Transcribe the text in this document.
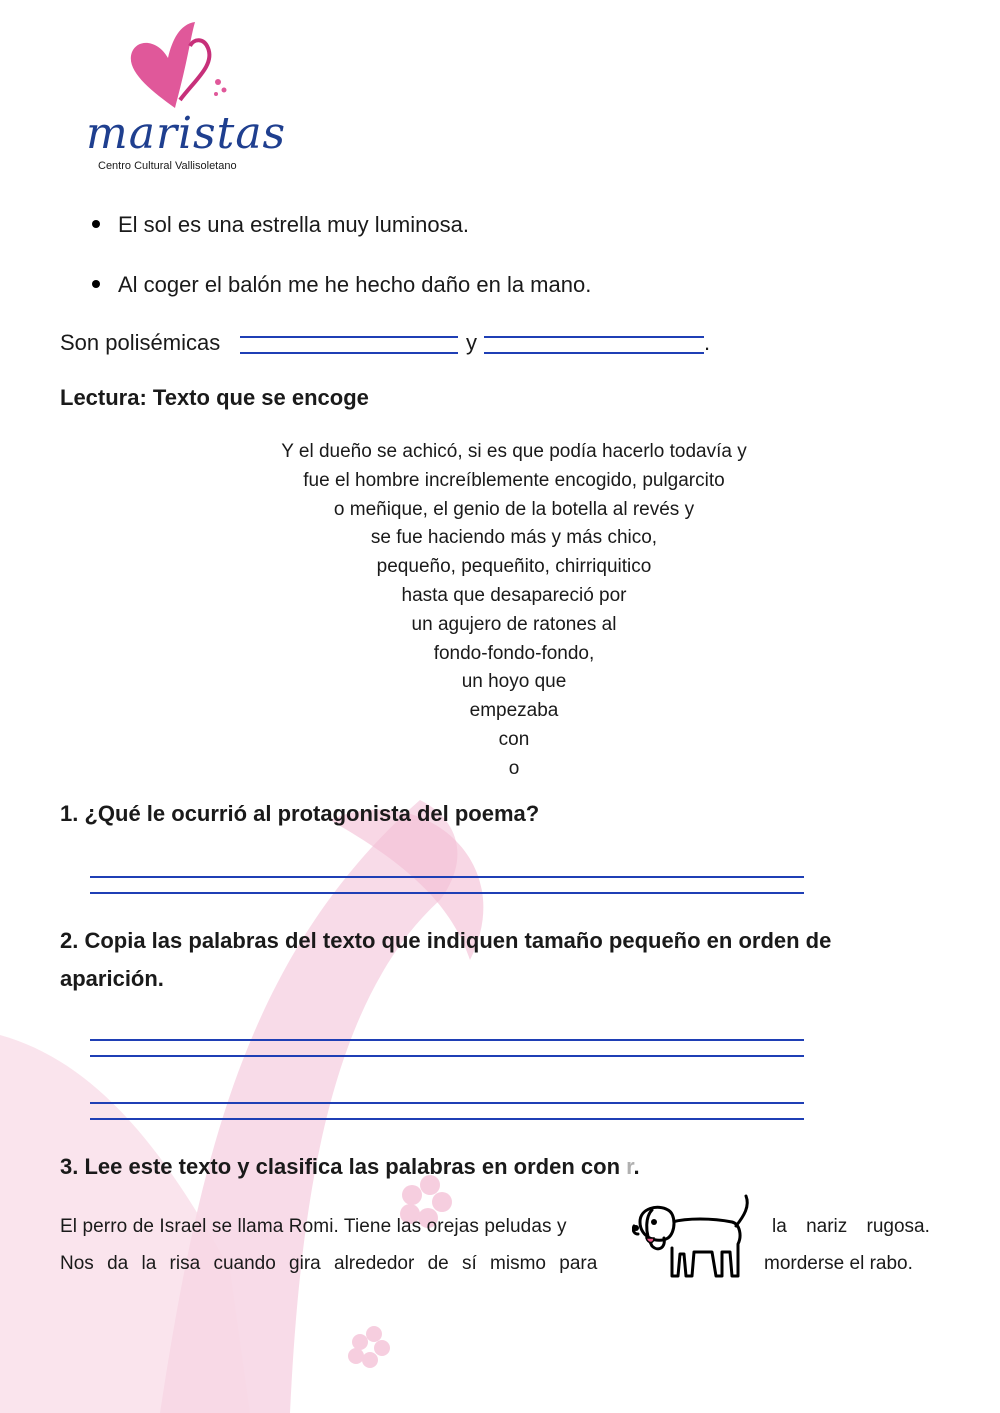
maristas
Centro Cultural Vallisoletano
El sol es una estrella muy luminosa.
Al coger el balón me he hecho daño en la mano.
Son polisémicas	y	.
Lectura: Texto que se encoge
Y el dueño se achicó, si es que podía hacerlo todavía y
fue el hombre increíblemente encogido, pulgarcito
o meñique, el genio de la botella al revés y
se fue haciendo más y más chico,
pequeño, pequeñito, chirriquitico
hasta que desapareció por
un agujero de ratones al
fondo-fondo-fondo,
un hoyo que
empezaba
con
o
1. ¿Qué le ocurrió al protagonista del poema?
2. Copia las palabras del texto que indiquen tamaño pequeño en orden de aparición.
3. Lee este texto y clasifica las palabras en orden con r.
El perro de Israel se llama Romi. Tiene las orejas peludas y	la nariz rugosa.
Nos da la risa cuando gira alrededor de sí mismo para	morderse el rabo.
